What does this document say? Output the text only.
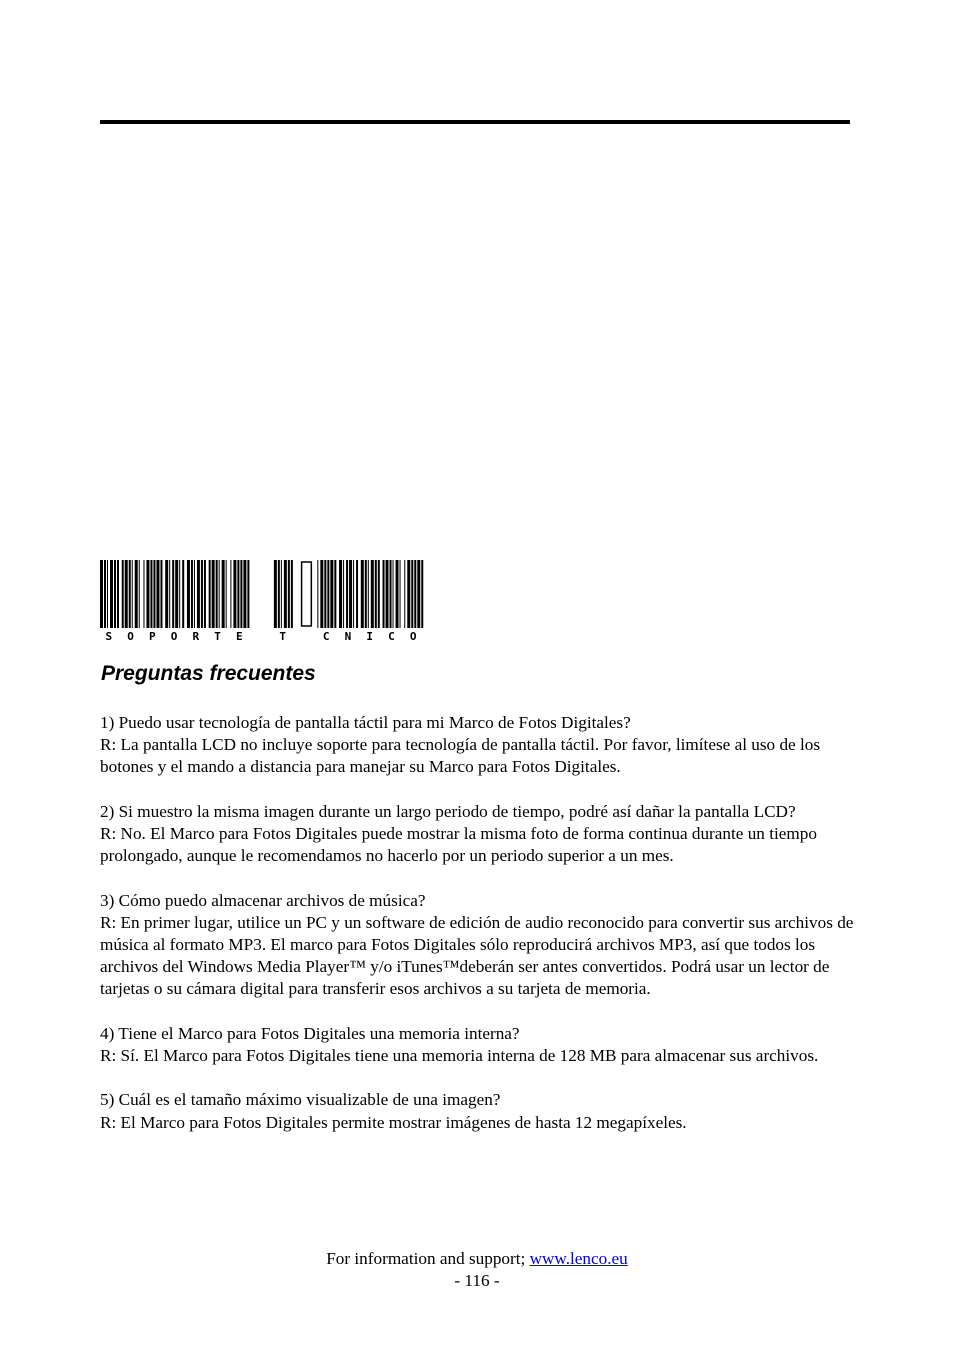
S O P O R T E	T	C N I C O
Preguntas frecuentes

1) Puedo usar tecnología de pantalla táctil para mi Marco de Fotos Digitales?

R: La pantalla LCD no incluye soporte para tecnología de pantalla táctil. Por favor, limítese al uso de los botones y el mando a distancia para manejar su Marco para Fotos Digitales.

2) Si muestro la misma imagen durante un largo periodo de tiempo, podré así dañar la pantalla LCD?

R: No. El Marco para Fotos Digitales puede mostrar la misma foto de forma continua durante un tiempo prolongado, aunque le recomendamos no hacerlo por un periodo superior a un mes.

3) Cómo puedo almacenar archivos de música?

R: En primer lugar, utilice un PC y un software de edición de audio reconocido para convertir sus archivos de música al formato MP3. El marco para Fotos Digitales sólo reproducirá archivos MP3, así que todos los archivos del Windows Media Player™ y/o iTunes™deberán ser antes convertidos. Podrá usar un lector de tarjetas o su cámara digital para transferir esos archivos a su tarjeta de memoria.

4) Tiene el Marco para Fotos Digitales una memoria interna?

R: Sí. El Marco para Fotos Digitales tiene una memoria interna de 128 MB para almacenar sus archivos.

5) Cuál es el tamaño máximo visualizable de una imagen?

R: El Marco para Fotos Digitales permite mostrar imágenes de hasta 12 megapíxeles.

For information and support; www.lenco.eu
- 116 -
